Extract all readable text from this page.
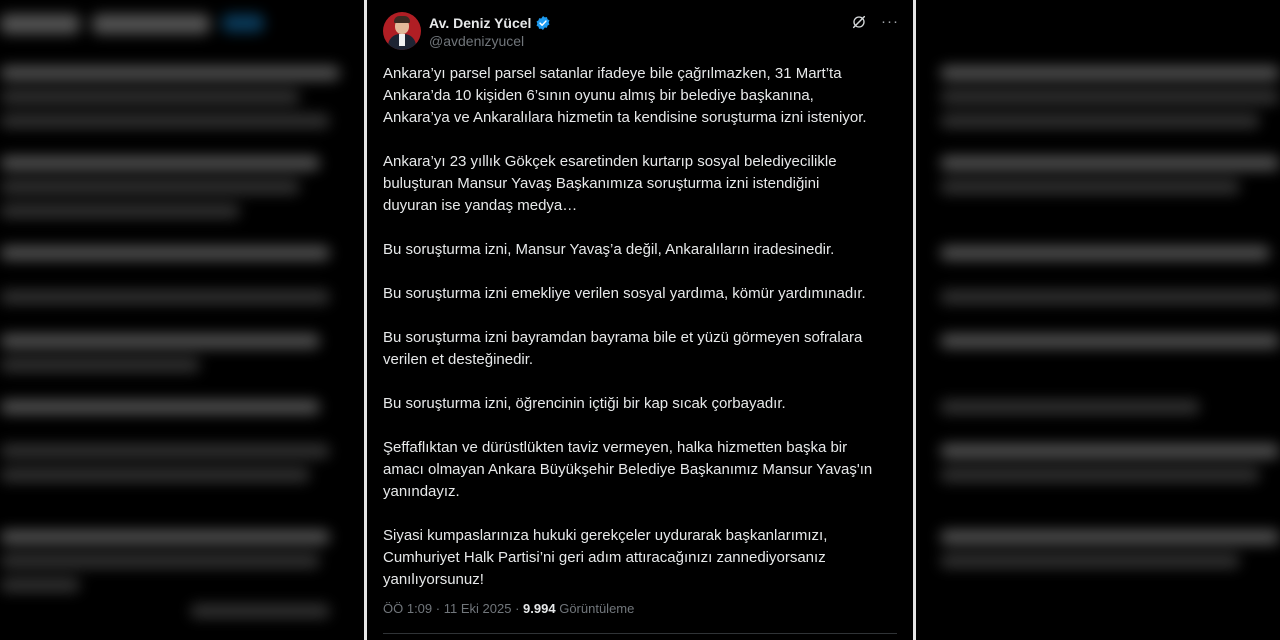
Av. Deniz Yücel
@avdenizyucel
···

Ankara’yı parsel parsel satanlar ifadeye bile çağrılmazken, 31 Mart’ta
Ankara’da 10 kişiden 6’sının oyunu almış bir belediye başkanına,
Ankara’ya ve Ankaralılara hizmetin ta kendisine soruşturma izni isteniyor.

Ankara’yı 23 yıllık Gökçek esaretinden kurtarıp sosyal belediyecilikle
buluşturan Mansur Yavaş Başkanımıza soruşturma izni istendiğini
duyuran ise yandaş medya…

Bu soruşturma izni, Mansur Yavaş’a değil, Ankaralıların iradesinedir.

Bu soruşturma izni emekliye verilen sosyal yardıma, kömür yardımınadır.

Bu soruşturma izni bayramdan bayrama bile et yüzü görmeyen sofralara
verilen et desteğinedir.

Bu soruşturma izni, öğrencinin içtiği bir kap sıcak çorbayadır.

Şeffaflıktan ve dürüstlükten taviz vermeyen, halka hizmetten başka bir
amacı olmayan Ankara Büyükşehir Belediye Başkanımız Mansur Yavaş'ın
yanındayız.

Siyasi kumpaslarınıza hukuki gerekçeler uydurarak başkanlarımızı,
Cumhuriyet Halk Partisi’ni geri adım attıracağınızı zannediyorsanız
yanılıyorsunuz!

ÖÖ 1:09 · 11 Eki 2025 · 9.994 Görüntüleme
